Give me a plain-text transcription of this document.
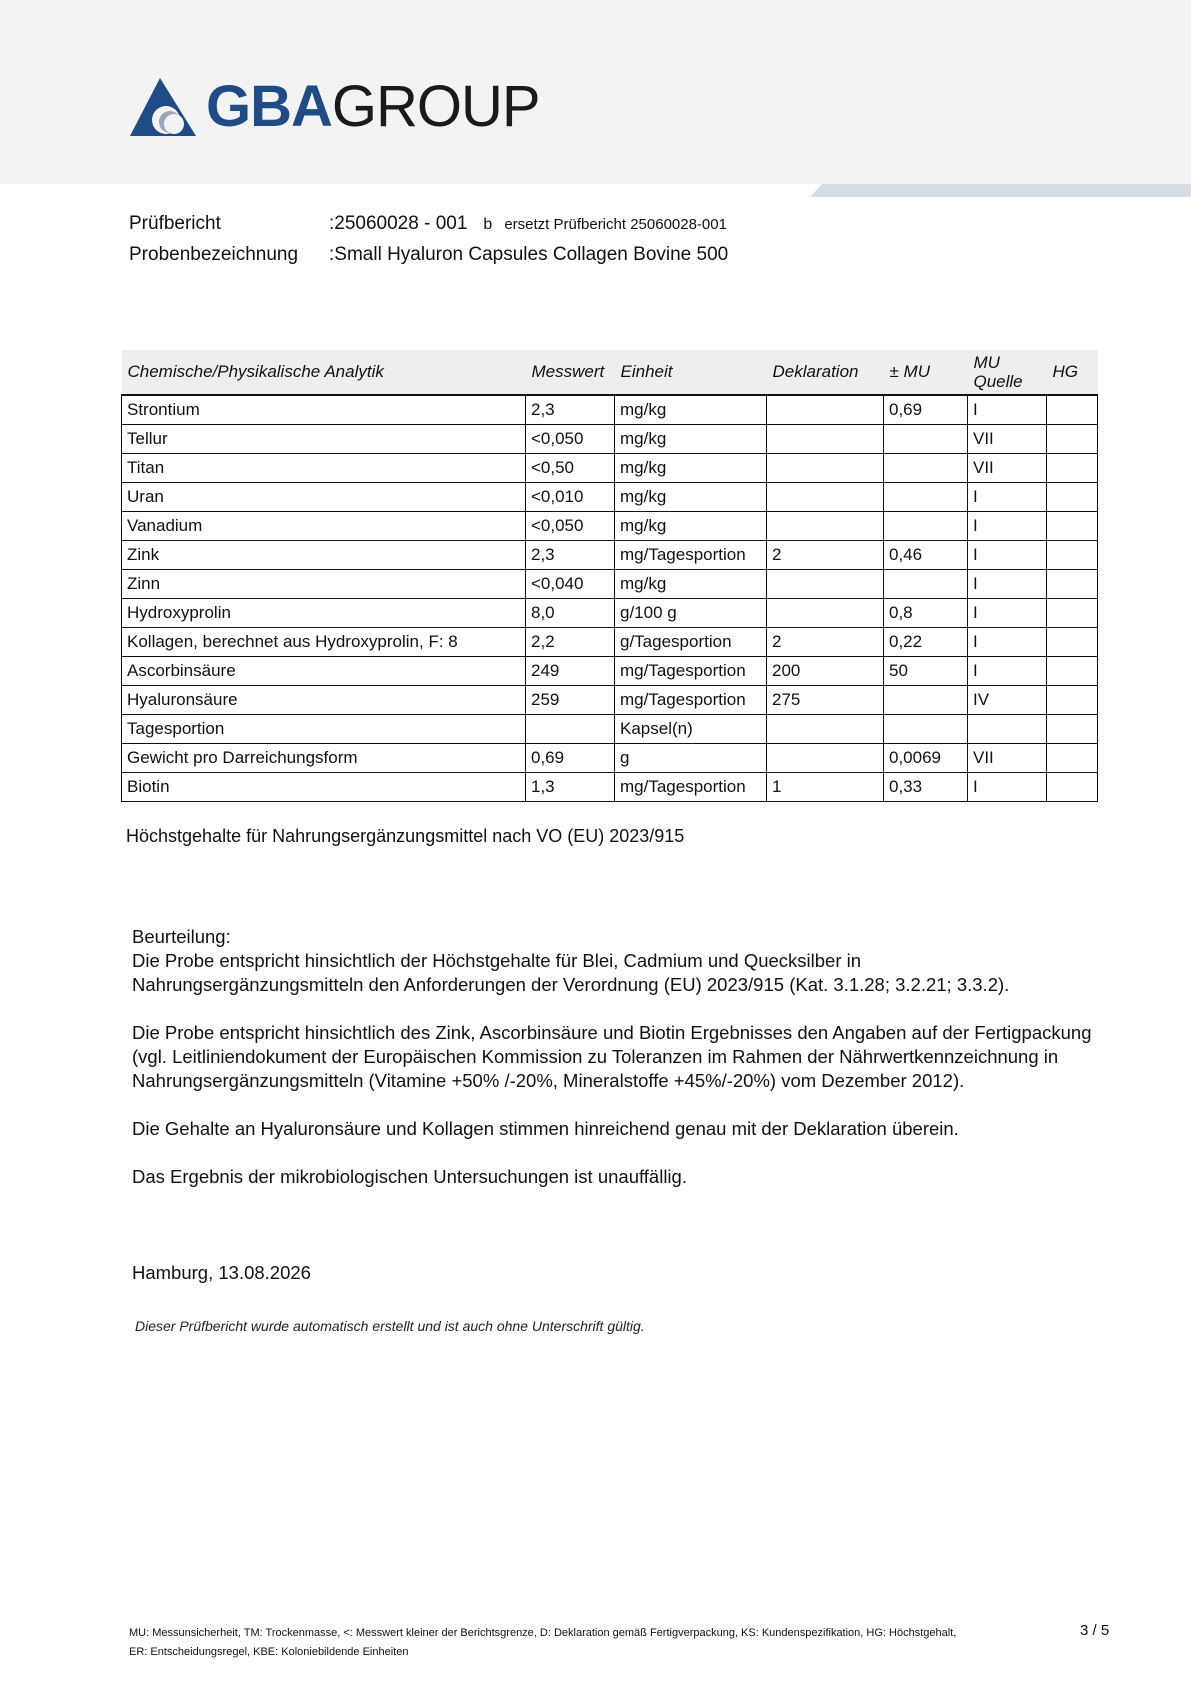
GBAGROUP
Prüfbericht	:25060028 - 001 b ersetzt Prüfbericht 25060028-001
Probenbezeichnung	:Small Hyaluron Capsules Collagen Bovine 500
Chemische/Physikalische Analytik	Messwert	Einheit	Deklaration	± MU	MU Quelle	HG
Strontium	2,3	mg/kg		0,69	I	
Tellur	<0,050	mg/kg			VII	
Titan	<0,50	mg/kg			VII	
Uran	<0,010	mg/kg			I	
Vanadium	<0,050	mg/kg			I	
Zink	2,3	mg/Tagesportion	2	0,46	I	
Zinn	<0,040	mg/kg			I	
Hydroxyprolin	8,0	g/100 g		0,8	I	
Kollagen, berechnet aus Hydroxyprolin, F: 8	2,2	g/Tagesportion	2	0,22	I	
Ascorbinsäure	249	mg/Tagesportion	200	50	I	
Hyaluronsäure	259	mg/Tagesportion	275		IV	
Tagesportion		Kapsel(n)				
Gewicht pro Darreichungsform	0,69	g		0,0069	VII	
Biotin	1,3	mg/Tagesportion	1	0,33	I	
Höchstgehalte für Nahrungsergänzungsmittel nach VO (EU) 2023/915

Beurteilung:

Die Probe entspricht hinsichtlich der Höchstgehalte für Blei, Cadmium und Quecksilber in Nahrungsergänzungsmitteln den Anforderungen der Verordnung (EU) 2023/915 (Kat. 3.1.28; 3.2.21; 3.3.2).

Die Probe entspricht hinsichtlich des Zink, Ascorbinsäure und Biotin Ergebnisses den Angaben auf der Fertigpackung (vgl. Leitliniendokument der Europäischen Kommission zu Toleranzen im Rahmen der Nährwertkennzeichnung in Nahrungsergänzungsmitteln (Vitamine +50% /-20%, Mineralstoffe +45%/-20%) vom Dezember 2012).

Die Gehalte an Hyaluronsäure und Kollagen stimmen hinreichend genau mit der Deklaration überein.

Das Ergebnis der mikrobiologischen Untersuchungen ist unauffällig.

Hamburg, 13.08.2026
Dieser Prüfbericht wurde automatisch erstellt und ist auch ohne Unterschrift gültig.
MU: Messunsicherheit, TM: Trockenmasse, <: Messwert kleiner der Berichtsgrenze, D: Deklaration gemäß Fertigverpackung, KS: Kundenspezifikation, HG: Höchstgehalt,
ER: Entscheidungsregel, KBE: Koloniebildende Einheiten
3 / 5
